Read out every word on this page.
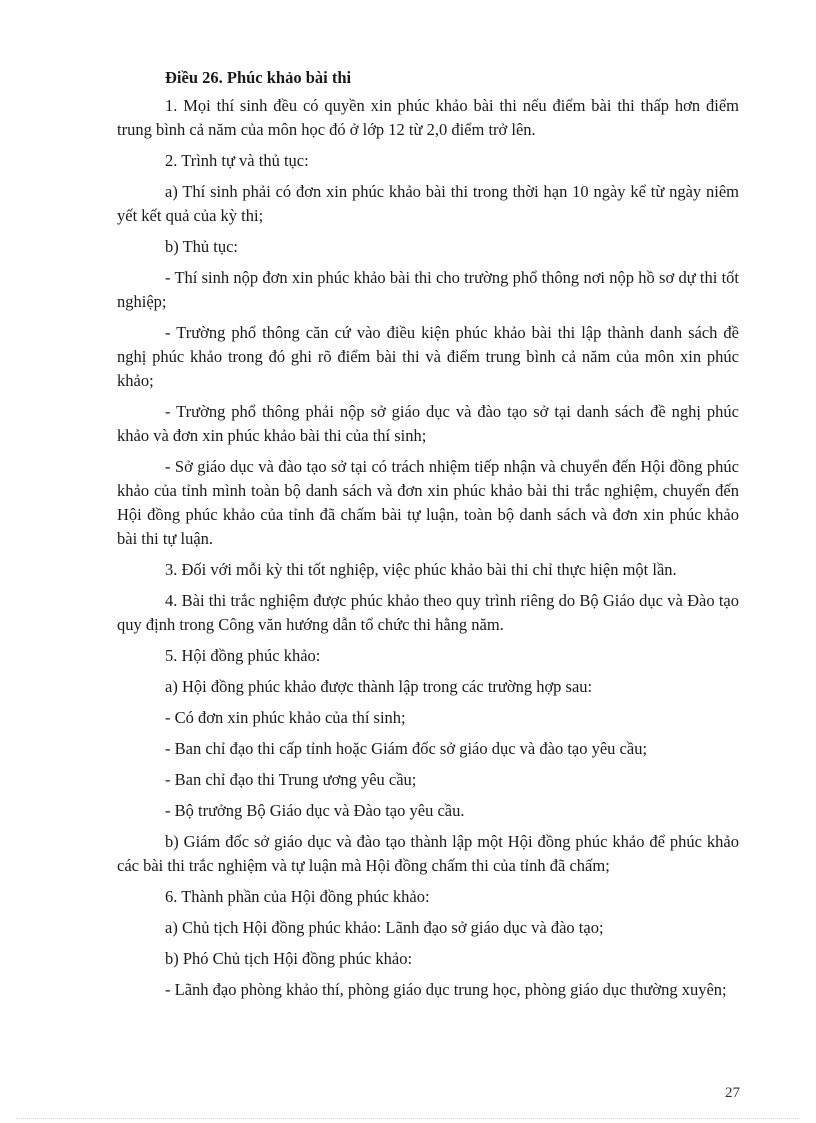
Điều 26. Phúc khảo bài thi

1. Mọi thí sinh đều có quyền xin phúc khảo bài thi nếu điểm bài thi thấp hơn điểm trung bình cả năm của môn học đó ở lớp 12 từ 2,0 điểm trở lên.

2. Trình tự và thủ tục:

a) Thí sinh phải có đơn xin phúc khảo bài thi trong thời hạn 10 ngày kể từ ngày niêm yết kết quả của kỳ thi;

b) Thủ tục:

- Thí sinh nộp đơn xin phúc khảo bài thi cho trường phổ thông nơi nộp hồ sơ dự thi tốt nghiệp;

- Trường phổ thông căn cứ vào điều kiện phúc khảo bài thi lập thành danh sách đề nghị phúc khảo trong đó ghi rõ điểm bài thi và điểm trung bình cả năm của môn xin phúc khảo;

- Trường phổ thông phải nộp sở giáo dục và đào tạo sở tại danh sách đề nghị phúc khảo và đơn xin phúc khảo bài thi của thí sinh;

- Sở giáo dục và đào tạo sở tại có trách nhiệm tiếp nhận và chuyển đến Hội đồng phúc khảo của tỉnh mình toàn bộ danh sách và đơn xin phúc khảo bài thi trắc nghiệm, chuyển đến Hội đồng phúc khảo của tỉnh đã chấm bài tự luận, toàn bộ danh sách và đơn xin phúc khảo bài thi tự luận.

3. Đối với mỗi kỳ thi tốt nghiệp, việc phúc khảo bài thi chỉ thực hiện một lần.

4. Bài thi trắc nghiệm được phúc khảo theo quy trình riêng do Bộ Giáo dục và Đào tạo quy định trong Công văn hướng dẫn tổ chức thi hằng năm.

5. Hội đồng phúc khảo:

a) Hội đồng phúc khảo được thành lập trong các trường hợp sau:

- Có đơn xin phúc khảo của thí sinh;

- Ban chỉ đạo thi cấp tỉnh hoặc Giám đốc sở giáo dục và đào tạo yêu cầu;

- Ban chỉ đạo thi Trung ương yêu cầu;

- Bộ trưởng Bộ Giáo dục và Đào tạo yêu cầu.

b) Giám đốc sở giáo dục và đào tạo thành lập một Hội đồng phúc khảo để phúc khảo các bài thi trắc nghiệm và tự luận mà Hội đồng chấm thi của tỉnh đã chấm;

6. Thành phần của Hội đồng phúc khảo:

a) Chủ tịch Hội đồng phúc khảo: Lãnh đạo sở giáo dục và đào tạo;

b) Phó Chủ tịch Hội đồng phúc khảo:

- Lãnh đạo phòng khảo thí, phòng giáo dục trung học, phòng giáo dục thường xuyên;

27
